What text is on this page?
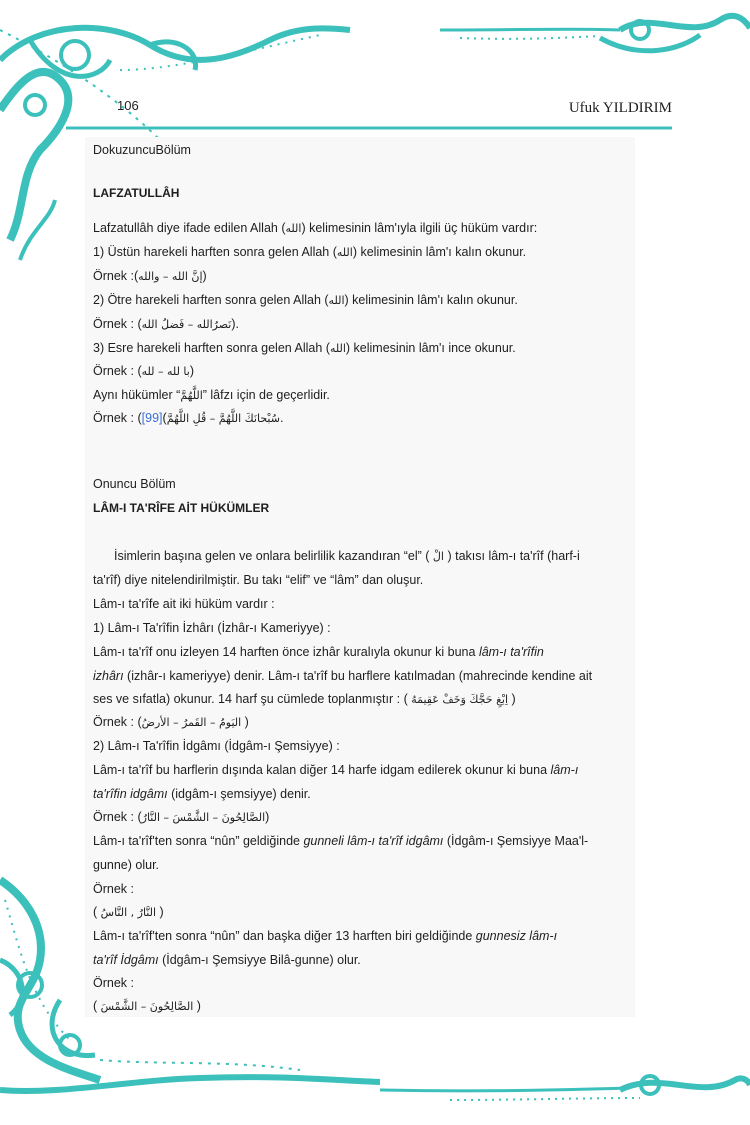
106	Ufuk YILDIRIM
DokuzuncuBölüm
LAFZATULLÂH
Lafzatullâh diye ifade edilen Allah (الله) kelimesinin lâm'ıyla ilgili üç hüküm vardır:
1) Üstün harekeli harften sonra gelen Allah (الله) kelimesinin lâm'ı kalın okunur.
Örnek :(إنَّ الله – والله)
2) Ötre harekeli harften sonra gelen Allah (الله) kelimesinin lâm'ı kalın okunur.
Örnek : (نَصرُالله – فَضلُ الله).
3) Esre harekeli harften sonra gelen Allah (الله) kelimesinin lâm'ı ince okunur.
Örnek : (با لله – لله)
Aynı hükümler “اللَّهُمَّ” lâfzı için de geçerlidir.
Örnek : ( سُبْحانَكَ اللَّهُمَّ – قُلِ اللَّهُمَّ)[99]	.
Onuncu Bölüm
LÂM-I TA'RÎFE AİT HÜKÜMLER
İsimlerin başına gelen ve onlara belirlilik kazandıran “el” ( الْ ) takısı lâm-ı ta'rîf (harf-i
ta'rîf) diye nitelendirilmiştir. Bu takı “elif” ve “lâm” dan oluşur.
Lâm-ı ta'rîfe ait iki hüküm vardır :
1) Lâm-ı Ta'rîfin İzhârı (İzhâr-ı Kameriyye) :
Lâm-ı ta'rîf onu izleyen 14 harften önce izhâr kuralıyla okunur ki buna lâm-ı ta'rîfin
izhârı (izhâr-ı kameriyye) denir. Lâm-ı ta'rîf bu harflere katılmadan (mahrecinde kendine ait
ses ve sıfatla) okunur. 14 harf şu cümlede toplanmıştır : ( اِبْغِ حَجَّكَ وَخَفْ عَقِيمَهُ )
Örnek : (اليَومُ – القَمرُ – الأرضُ )
2) Lâm-ı Ta'rîfin İdgâmı (İdgâm-ı Şemsiyye) :
Lâm-ı ta'rîf bu harflerin dışında kalan diğer 14 harfe idgam edilerek okunur ki buna lâm-ı
ta'rîfin idgâmı (idgâm-ı şemsiyye) denir.
Örnek : (الصَّالِحُونَ – الشَّمْسَ – النَّارُ)
Lâm-ı ta'rîf'ten sonra “nûn” geldiğinde gunneli lâm-ı ta'rîf idgâmı (İdgâm-ı Şemsiyye Maa'l-
gunne) olur.
Örnek :
( النَّارُ , النَّاسُ )
Lâm-ı ta'rîf'ten sonra “nûn” dan başka diğer 13 harften biri geldiğinde gunnesiz lâm-ı
ta'rîf İdgâmı (İdgâm-ı Şemsiyye Bilâ-gunne) olur.
Örnek :
( الصَّالِحُونَ – الشَّمْسَ )
